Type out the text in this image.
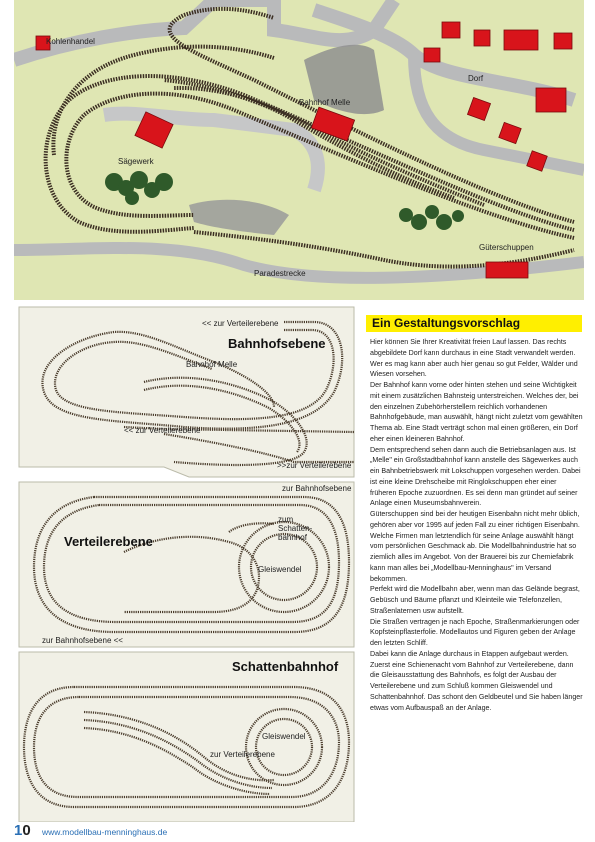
Kohlenhandel
Bahnhof Melle
Sägewerk
Dorf
Güterschuppen
Paradestrecke
<< zur Verteilerebene
Bahnhofsebene
Bahnhof Melle
<< zur Verteilerebene
>>zur Verteilerebene
zur Bahnhofsebene
Verteilerebene
zum Schatten-bahnhof
Gleiswendel
zur Bahnhofsebene <<
Schattenbahnhof
Gleiswendel
zur Verteilerebene
Ein Gestaltungsvorschlag

Hier können Sie Ihrer Kreativität freien Lauf lassen. Das rechts abgebildete Dorf kann durchaus in eine Stadt verwandelt werden. Wer es mag kann aber auch hier genau so gut Felder, Wälder und Wiesen vorsehen.

Der Bahnhof kann vorne oder hinten stehen und seine Wichtigkeit mit einem zusätzlichen Bahnsteig unterstreichen. Welches der, bei den einzelnen Zubehörherstellern reichlich vorhandenen Bahnhofgebäude, man auswählt, hängt nicht zuletzt vom gewählten Thema ab. Eine Stadt verträgt schon mal einen größeren, ein Dorf eher einen kleineren Bahnhof.

Dem entsprechend sehen dann auch die Betriebsanlagen aus. Ist „Melle" ein Großstadtbahnhof kann anstelle des Sägewerkes auch ein Bahnbetriebswerk mit Lokschuppen vorgesehen werden. Dabei ist eine kleine Drehscheibe mit Ringlokschuppen eher einer früheren Epoche zuzuordnen. Es sei denn man gründet auf seiner Anlage einen Museumsbahnverein.

Güterschuppen sind bei der heutigen Eisenbahn nicht mehr üblich, gehören aber vor 1995 auf jeden Fall zu einer richtigen Eisenbahn.

Welche Firmen man letztendlich für seine Anlage auswählt hängt vom persönlichen Geschmack ab. Die Modellbahnindustrie hat so ziemlich alles im Angebot. Von der Brauerei bis zur Chemiefabrik kann man alles bei „Modellbau-Menninghaus" im Versand bekommen.

Perfekt wird die Modellbahn aber, wenn man das Gelände begrast, Gebüsch und Bäume pflanzt und Kleinteile wie Telefonzellen, Straßenlaternen usw aufstellt.

Die Straßen vertragen je nach Epoche, Straßenmarkierungen oder Kopfsteinpflasterfolie. Modellautos und Figuren geben der Anlage den letzten Schliff.

Dabei kann die Anlage durchaus in Etappen aufgebaut werden. Zuerst eine Schienenacht vom Bahnhof zur Verteilerebene, dann die Gleisausstattung des Bahnhofs, es folgt der Ausbau der Verteilerebene und zum Schluß kommen Gleiswendel und Schattenbahnhof. Das schont den Geldbeutel und Sie haben länger etwas vom Aufbauspaß an der Anlage.

10 www.modellbau-menninghaus.de
